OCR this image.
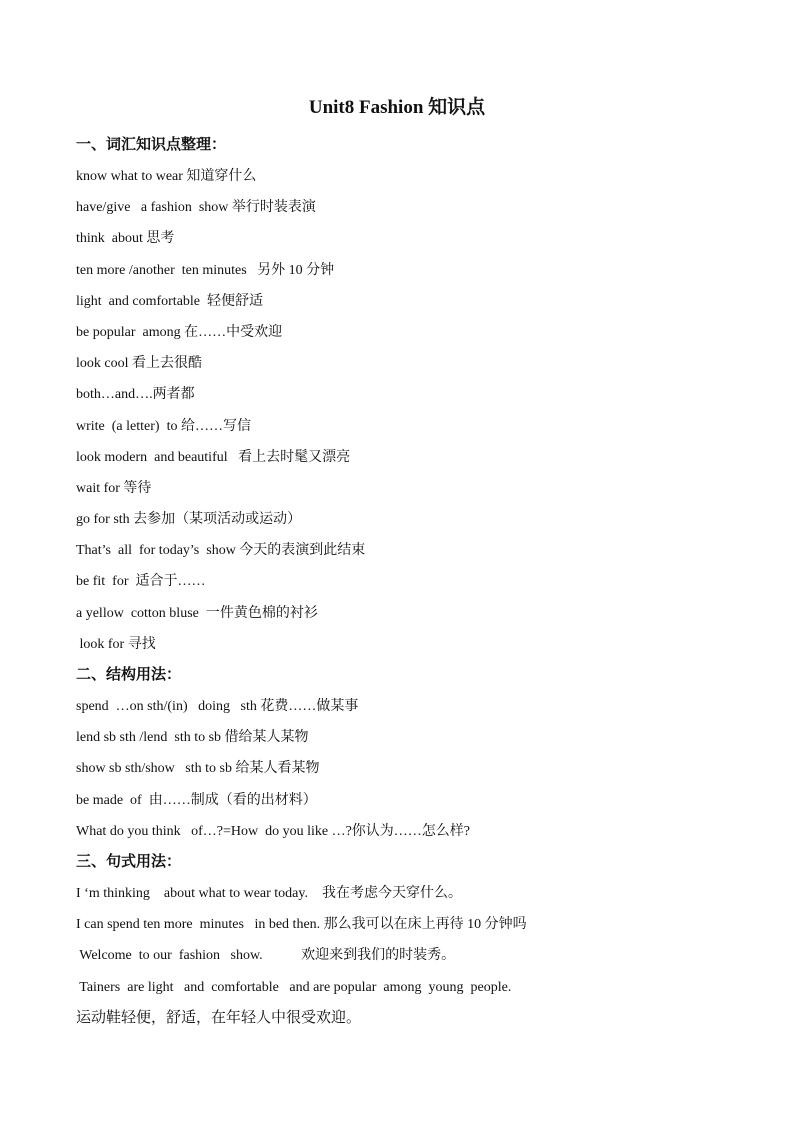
Unit8 Fashion 知识点
一、词汇知识点整理：
know what to wear 知道穿什么
have/give   a fashion  show 举行时装表演
think  about 思考
ten more /another  ten minutes   另外 10 分钟
light  and comfortable  轻便舒适
be popular  among 在……中受欢迎
look cool 看上去很酷
both…and….两者都
write  (a letter)  to 给……写信
look modern  and beautiful   看上去时髦又漂亮
wait for 等待
go for sth 去参加（某项活动或运动）
That’s  all  for today’s  show 今天的表演到此结束
be fit  for  适合于……
a yellow  cotton bluse  一件黄色棉的衬衫
look for 寻找
二、结构用法：
spend  …on sth/(in)   doing   sth 花费……做某事
lend sb sth /lend  sth to sb 借给某人某物
show sb sth/show   sth to sb 给某人看某物
be made  of  由……制成（看的出材料）
What do you think   of…?=How  do you like …?你认为……怎么样?
三、句式用法：
I ‘m thinking    about what to wear today.    我在考虑今天穿什么。
I can spend ten more  minutes   in bed then. 那么我可以在床上再待 10 分钟吗
Welcome  to our  fashion   show.           欢迎来到我们的时装秀。
Tainers  are light   and  comfortable   and are popular  among  young  people.
运动鞋轻便，舒适，在年轻人中很受欢迎。
